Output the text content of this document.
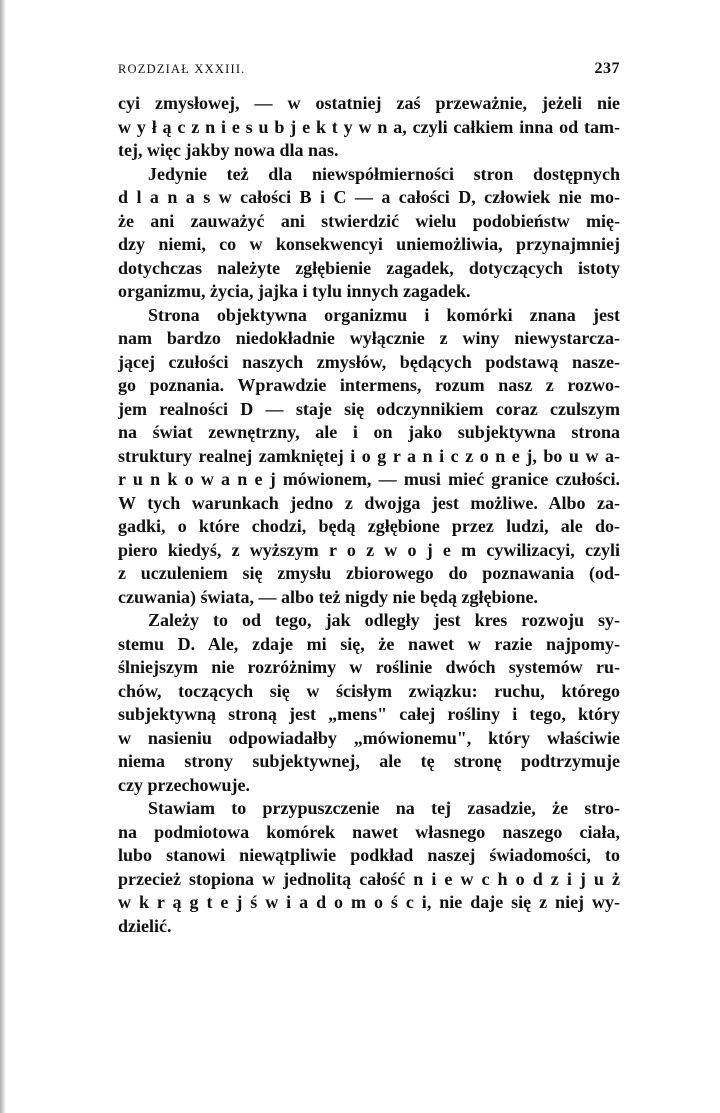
ROZDZIAŁ XXXIII.	237
cyi zmysłowej, — w ostatniej zaś przeważnie, jeżeli nie
w y ł ą c z n i e s u b j e k t y w n a, czyli całkiem inna od tam‑
tej, więc jakby nowa dla nas.
Jedynie też dla niewspółmierności stron dostępnych
d l a n a s w całości B i C — a całości D, człowiek nie mo‑
że ani zauważyć ani stwierdzić wielu podobieństw mię‑
dzy niemi, co w konsekwencyi uniemożliwia, przynajmniej
dotychczas należyte zgłębienie zagadek, dotyczących istoty
organizmu, życia, jajka i tylu innych zagadek.
Strona objektywna organizmu i komórki znana jest
nam bardzo niedokładnie wyłącznie z winy niewystarcza‑
jącej czułości naszych zmysłów, będących podstawą nasze‑
go poznania. Wprawdzie intermens, rozum nasz z rozwo‑
jem realności D — staje się odczynnikiem coraz czulszym
na świat zewnętrzny, ale i on jako subjektywna strona
struktury realnej zamkniętej i o g r a n i c z o n e j, bo u w a‑
r u n k o w a n e j mówionem, — musi mieć granice czułości.
W tych warunkach jedno z dwojga jest możliwe. Albo za‑
gadki, o które chodzi, będą zgłębione przez ludzi, ale do‑
piero kiedyś, z wyższym r o z w o j e m cywilizacyi, czyli
z uczuleniem się zmysłu zbiorowego do poznawania (od‑
czuwania) świata, — albo też nigdy nie będą zgłębione.
Zależy to od tego, jak odległy jest kres rozwoju sy‑
stemu D. Ale, zdaje mi się, że nawet w razie najpomy‑
ślniejszym nie rozróżnimy w roślinie dwóch systemów ru‑
chów, toczących się w ścisłym związku: ruchu, którego
subjektywną stroną jest „mens" całej rośliny i tego, który
w nasieniu odpowiadałby „mówionemu", który właściwie
niema strony subjektywnej, ale tę stronę podtrzymuje
czy przechowuje.
Stawiam to przypuszczenie na tej zasadzie, że stro‑
na podmiotowa komórek nawet własnego naszego ciała,
lubo stanowi niewątpliwie podkład naszej świadomości, to
przecież stopiona w jednolitą całość n i e w c h o d z i j u ż
w k r ą g t e j ś w i a d o m o ś c i, nie daje się z niej wy‑
dzielić.
